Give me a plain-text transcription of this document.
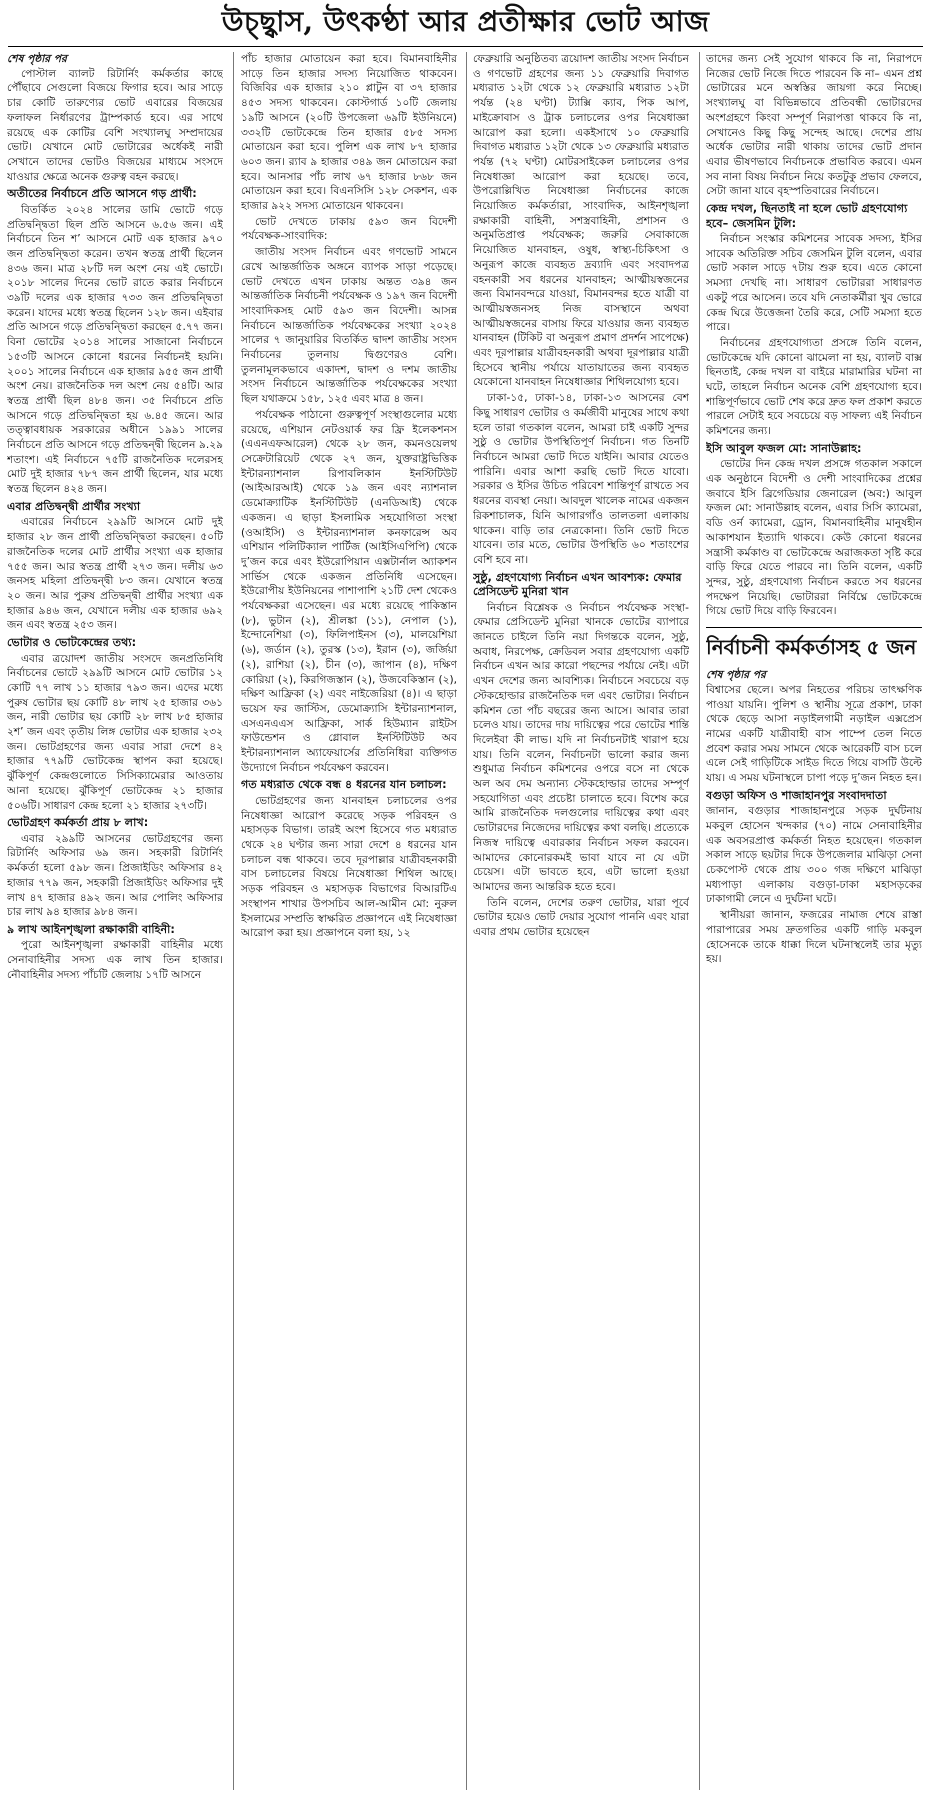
উচ্ছ্বাস, উৎকণ্ঠা আর প্রতীক্ষার ভোট আজ

শেষ পৃষ্ঠার পর

পোস্টাল ব্যালট রিটার্নিং কর্মকর্তার কাছে পৌঁছাবে সেগুলো বিজয়ে ফিগার হবে। আর সাড়ে চার কোটি তারুণ্যের ভোট এবারের বিজয়ের ফলাফল নির্ধারণের ট্রাম্পকার্ড হবে। এর সাথে রয়েছে এক কোটির বেশি সংখ্যালঘু সম্প্রদায়ের ভোট। যেখানে মোট ভোটারের অর্ধেকই নারী সেখানে তাদের ভোটও বিজয়ের মাধ্যমে সংসদে যাওয়ার ক্ষেত্রে অনেক গুরুত্ব বহন করছে।

অতীতের নির্বাচনে প্রতি আসনে গড় প্রার্থী:

বিতর্কিত ২০২৪ সালের ডামি ভোটে গড়ে প্রতিদ্বন্দ্বিতা ছিল প্রতি আসনে ৬.৫৬ জন। এই নির্বাচনে তিন শ’ আসনে মোট এক হাজার ৯৭০ জন প্রতিদ্বন্দ্বিতা করেন। তখন স্বতন্ত্র প্রার্থী ছিলেন ৪৩৬ জন। মাত্র ২৮টি দল অংশ নেয় এই ভোটে। ২০১৮ সালের দিনের ভোট রাতে করার নির্বাচনে ৩৯টি দলের এক হাজার ৭৩৩ জন প্রতিদ্বন্দ্বিতা করেন। যাদের মধ্যে স্বতন্ত্র ছিলেন ১২৮ জন। এইবার প্রতি আসনে গড়ে প্রতিদ্বন্দ্বিতা করছেন ৫.৭৭ জন। বিনা ভোটের ২০১৪ সালের সাজানো নির্বাচনে ১৫৩টি আসনে কোনো ধরনের নির্বাচনই হয়নি। ২০০১ সালের নির্বাচনে এক হাজার ৯৫৫ জন প্রার্থী অংশ নেয়। রাজনৈতিক দল অংশ নেয় ৫৪টি। আর স্বতন্ত্র প্রার্থী ছিল ৪৮৪ জন। ৩৫ নির্বাচনে প্রতি আসনে গড়ে প্রতিদ্বন্দ্বিতা হয় ৬.৪৫ জনে। আর তত্ত্বাবধায়ক সরকারের অধীনে ১৯৯১ সালের নির্বাচনে প্রতি আসনে গড়ে প্রতিদ্বন্দ্বী ছিলেন ৯.২৯ শতাংশ। এই নির্বাচনে ৭৫টি রাজনৈতিক দলেরসহ মোট দুই হাজার ৭৮৭ জন প্রার্থী ছিলেন, যার মধ্যে স্বতন্ত্র ছিলেন ৪২৪ জন।

এবার প্রতিদ্বন্দ্বী প্রার্থীর সংখ্যা

এবারের নির্বাচনে ২৯৯টি আসনে মোট দুই হাজার ২৮ জন প্রার্থী প্রতিদ্বন্দ্বিতা করছেন। ৫০টি রাজনৈতিক দলের মোট প্রার্থীর সংখ্যা এক হাজার ৭৫৫ জন। আর স্বতন্ত্র প্রার্থী ২৭৩ জন। দলীয় ৬৩ জনসহ মহিলা প্রতিদ্বন্দ্বী ৮৩ জন। যেখানে স্বতন্ত্র ২০ জন। আর পুরুষ প্রতিদ্বন্দ্বী প্রার্থীর সংখ্যা এক হাজার ৯৪৬ জন, যেখানে দলীয় এক হাজার ৬৯২ জন এবং স্বতন্ত্র ২৫৩ জন।

ভোটার ও ভোটকেন্দ্রের তথ্য:

এবার ত্রয়োদশ জাতীয় সংসদে জনপ্রতিনিধি নির্বাচনের ভোটে ২৯৯টি আসনে মোট ভোটার ১২ কোটি ৭৭ লাখ ১১ হাজার ৭৯৩ জন। এদের মধ্যে পুরুষ ভোটার ছয় কোটি ৪৮ লাখ ২৫ হাজার ৩৬১ জন, নারী ভোটার ছয় কোটি ২৮ লাখ ৮৫ হাজার ২শ’ জন এবং তৃতীয় লিঙ্গ ভোটার এক হাজার ২৩২ জন। ভোটগ্রহণের জন্য এবার সারা দেশে ৪২ হাজার ৭৭৯টি ভোটকেন্দ্র স্থাপন করা হয়েছে। ঝুঁকিপূর্ণ কেন্দ্রগুলোতে সিসিক্যামেরার আওতায় আনা হয়েছে। ঝুঁকিপূর্ণ ভোটকেন্দ্র ২১ হাজার ৫০৬টি। সাধারণ কেন্দ্র হলো ২১ হাজার ২৭৩টি।

ভোটগ্রহণ কর্মকর্তা প্রায় ৮ লাখ:

এবার ২৯৯টি আসনের ভোটগ্রহণের জন্য রিটার্নিং অফিসার ৬৯ জন। সহকারী রিটার্নিং কর্মকর্তা হলো ৫৯৮ জন। প্রিজাইডিং অফিসার ৪২ হাজার ৭৭৯ জন, সহকারী প্রিজাইডিং অফিসার দুই লাখ ৪৭ হাজার ৪৯২ জন। আর পোলিং অফিসার চার লাখ ৯৪ হাজার ৯৮৪ জন।

৯ লাখ আইনশৃঙ্খলা রক্ষাকারী বাহিনী:

পুরো আইনশৃঙ্খলা রক্ষাকারী বাহিনীর মধ্যে সেনাবাহিনীর সদস্য এক লাখ তিন হাজার। নৌবাহিনীর সদস্য পাঁচটি জেলায় ১৭টি আসনে

পাঁচ হাজার মোতায়েন করা হবে। বিমানবাহিনীর সাড়ে তিন হাজার সদস্য নিয়োজিত থাকবেন। বিজিবির এক হাজার ২১০ প্লাটুন বা ৩৭ হাজার ৪৫৩ সদস্য থাকবেন। কোস্টগার্ড ১০টি জেলায় ১৯টি আসনে (২০টি উপজেলা ৬৯টি ইউনিয়নে) ৩৩২টি ভোটকেন্দ্রে তিন হাজার ৫৮৫ সদস্য মোতায়েন করা হবে। পুলিশ এক লাখ ৮৭ হাজার ৬০৩ জন। র‌্যাব ৯ হাজার ৩৪৯ জন মোতায়েন করা হবে। আনসার পাঁচ লাখ ৬৭ হাজার ৮৬৮ জন মোতায়েন করা হবে। বিএনসিসি ১২৮ সেকশন, এক হাজার ৯২২ সদস্য মোতায়েন থাকবেন।

ভোট দেখতে ঢাকায় ৫৯৩ জন বিদেশী পর্যবেক্ষক-সাংবাদিক:

জাতীয় সংসদ নির্বাচন এবং গণভোট সামনে রেখে আন্তর্জাতিক অঙ্গনে ব্যাপক সাড়া পড়েছে। ভোট দেখতে এখন ঢাকায় অন্তত ৩৯৪ জন আন্তর্জাতিক নির্বাচনী পর্যবেক্ষক ও ১৯৭ জন বিদেশী সাংবাদিকসহ মোট ৫৯৩ জন বিদেশী। আসন্ন নির্বাচনে আন্তর্জাতিক পর্যবেক্ষকের সংখ্যা ২০২৪ সালের ৭ জানুয়ারির বিতর্কিত দ্বাদশ জাতীয় সংসদ নির্বাচনের তুলনায় দ্বিগুণেরও বেশি। তুলনামূলকভাবে একাদশ, দ্বাদশ ও দশম জাতীয় সংসদ নির্বাচনে আন্তর্জাতিক পর্যবেক্ষকের সংখ্যা ছিল যথাক্রমে ১৫৮, ১২৫ এবং মাত্র ৪ জন।

পর্যবেক্ষক পাঠানো গুরুত্বপূর্ণ সংস্থাগুলোর মধ্যে রয়েছে, এশিয়ান নেটওয়ার্ক ফর ফ্রি ইলেকশনস (এএনএফআরেল) থেকে ২৮ জন, কমনওয়েলথ সেক্রেটারিয়েট থেকে ২৭ জন, যুক্তরাষ্ট্রভিত্তিক ইন্টারন্যাশনাল রিপাবলিকান ইনস্টিটিউট (আইআরআই) থেকে ১৯ জন এবং ন্যাশনাল ডেমোক্র্যাটিক ইনস্টিটিউট (এনডিআই) থেকে একজন। এ ছাড়া ইসলামিক সহযোগিতা সংস্থা (ওআইসি) ও ইন্টারন্যাশনাল কনফারেন্স অব এশিয়ান পলিটিক্যাল পার্টিজ (আইসিএপিপি) থেকে দু’জন করে এবং ইউরোপিয়ান এক্সটার্নাল অ্যাকশন সার্ভিস থেকে একজন প্রতিনিধি এসেছেন। ইউরোপীয় ইউনিয়নের পাশাপাশি ২১টি দেশ থেকেও পর্যবেক্ষকরা এসেছেন। এর মধ্যে রয়েছে পাকিস্তান (৮), ভুটান (২), শ্রীলঙ্কা (১১), নেপাল (১), ইন্দোনেশিয়া (৩), ফিলিপাইনস (৩), মালয়েশিয়া (৬), জর্ডান (২), তুরস্ক (১৩), ইরান (৩), জর্জিয়া (২), রাশিয়া (২), চীন (৩), জাপান (৪), দক্ষিণ কোরিয়া (২), কিরগিজস্তান (২), উজবেকিস্তান (২), দক্ষিণ আফ্রিকা (২) এবং নাইজেরিয়া (৪)। এ ছাড়া ভয়েস ফর জাস্টিস, ডেমোক্র্যাসি ইন্টারন্যাশনাল, এসএনএএস আফ্রিকা, সার্ক হিউম্যান রাইটস ফাউন্ডেশন ও গ্লোবাল ইনস্টিটিউট অব ইন্টারন্যাশনাল অ্যাফেয়ার্সের প্রতিনিধিরা ব্যক্তিগত উদ্যোগে নির্বাচন পর্যবেক্ষণ করবেন।

গত মধ্যরাত থেকে বন্ধ ৪ ধরনের যান চলাচল:

ভোটগ্রহণের জন্য যানবাহন চলাচলের ওপর নিষেধাজ্ঞা আরোপ করেছে সড়ক পরিবহন ও মহাসড়ক বিভাগ। তারই অংশ হিসেবে গত মধ্যরাত থেকে ২৪ ঘণ্টার জন্য সারা দেশে ৪ ধরনের যান চলাচল বন্ধ থাকবে। তবে দূরপাল্লার যাত্রীবহনকারী বাস চলাচলের বিষয়ে নিষেধাজ্ঞা শিথিল আছে। সড়ক পরিবহন ও মহাসড়ক বিভাগের বিআরটিএ সংস্থাপন শাখার উপসচিব আল-আমীন মো: নুরুল ইসলামের সম্প্রতি স্বাক্ষরিত প্রজ্ঞাপনে এই নিষেধাজ্ঞা আরোপ করা হয়। প্রজ্ঞাপনে বলা হয়, ১২

ফেব্রুয়ারি অনুষ্ঠিতব্য ত্রয়োদশ জাতীয় সংসদ নির্বাচন ও গণভোট গ্রহণের জন্য ১১ ফেব্রুয়ারি দিবাগত মধ্যরাত ১২টা থেকে ১২ ফেব্রুয়ারি মধ্যরাত ১২টা পর্যন্ত (২৪ ঘণ্টা) ট্যাক্সি ক্যাব, পিক আপ, মাইক্রোবাস ও ট্রাক চলাচলের ওপর নিষেধাজ্ঞা আরোপ করা হলো। একইসাথে ১০ ফেব্রুয়ারি দিবাগত মধ্যরাত ১২টা থেকে ১৩ ফেব্রুয়ারি মধ্যরাত পর্যন্ত (৭২ ঘণ্টা) মোটরসাইকেল চলাচলের ওপর নিষেধাজ্ঞা আরোপ করা হয়েছে। তবে, উপরোল্লিখিত নিষেধাজ্ঞা নির্বাচনের কাজে নিয়োজিত কর্মকর্তারা, সাংবাদিক, আইনশৃঙ্খলা রক্ষাকারী বাহিনী, সশস্ত্রবাহিনী, প্রশাসন ও অনুমতিপ্রাপ্ত পর্যবেক্ষক; জরুরি সেবাকাজে নিয়োজিত যানবাহন, ওষুধ, স্বাস্থ্য-চিকিৎসা ও অনুরূপ কাজে ব্যবহৃত দ্রব্যাদি এবং সংবাদপত্র বহনকারী সব ধরনের যানবাহন; আত্মীয়স্বজনের জন্য বিমানবন্দরে যাওয়া, বিমানবন্দর হতে যাত্রী বা আত্মীয়স্বজনসহ নিজ বাসস্থানে অথবা আত্মীয়স্বজনের বাসায় ফিরে যাওয়ার জন্য ব্যবহৃত যানবাহন (টিকিট বা অনুরূপ প্রমাণ প্রদর্শন সাপেক্ষে) এবং দূরপাল্লার যাত্রীবহনকারী অথবা দূরপাল্লার যাত্রী হিসেবে স্থানীয় পর্যায়ে যাতায়াতের জন্য ব্যবহৃত যেকোনো যানবাহন নিষেধাজ্ঞার শিথিলযোগ্য হবে।

ঢাকা-১৫, ঢাকা-১৪, ঢাকা-১৩ আসনের বেশ কিছু সাধারণ ভোটার ও কর্মজীবী মানুষের সাথে কথা হলে তারা গতকাল বলেন, আমরা চাই একটি সুন্দর সুষ্ঠু ও ভোটার উপস্থিতিপূর্ণ নির্বাচন। গত তিনটি নির্বাচনে আমরা ভোট দিতে যাইনি। আবার যেতেও পারিনি। এবার আশা করছি ভোট দিতে যাবো। সরকার ও ইসির উচিত পরিবেশ শান্তিপূর্ণ রাখতে সব ধরনের ব্যবস্থা নেয়া। আবদুল খালেক নামের একজন রিকশাচালক, যিনি আগারগাঁও তালতলা এলাকায় থাকেন। বাড়ি তার নেত্রকোনা। তিনি ভোট দিতে যাবেন। তার মতে, ভোটার উপস্থিতি ৬০ শতাংশের বেশি হবে না।

সুষ্ঠু, গ্রহণযোগ্য নির্বাচন এখন আবশ্যক: ফেমার প্রেসিডেন্ট মুনিরা খান

নির্বাচন বিশ্লেষক ও নির্বাচন পর্যবেক্ষক সংস্থা-ফেমার প্রেসিডেন্ট মুনিরা খানকে ভোটের ব্যাপারে জানতে চাইলে তিনি নয়া দিগন্তকে বলেন, সুষ্ঠু, অবাধ, নিরপেক্ষ, ক্রেডিবল সবার গ্রহণযোগ্য একটি নির্বাচন এখন আর কারো পছন্দের পর্যায়ে নেই। এটা এখন দেশের জন্য আবশ্যিক। নির্বাচনে সবচেয়ে বড় স্টেকহোল্ডার রাজনৈতিক দল এবং ভোটার। নির্বাচন কমিশন তো পাঁচ বছরের জন্য আসে। আবার তারা চলেও যায়। তাদের দায় দায়িত্বের পরে ভোটের শান্তি দিলেইবা কী লাভ। যদি না নির্বাচনটাই খারাপ হয়ে যায়। তিনি বলেন, নির্বাচনটা ভালো করার জন্য শুধুমাত্র নির্বাচন কমিশনের ওপরে বসে না থেকে অল অব দেম অন্যান্য স্টেকহোল্ডার তাদের সম্পূর্ণ সহযোগিতা এবং প্রচেষ্টা চালাতে হবে। বিশেষ করে আমি রাজনৈতিক দলগুলোর দায়িত্বের কথা এবং ভোটারদের নিজেদের দায়িত্বের কথা বলছি। প্রত্যেকে নিজস্ব দায়িত্বে এবারকার নির্বাচন সফল করবেন। আমাদের কোনোরকমই ভাবা যাবে না যে এটা চেয়েস। এটা ভাবতে হবে, এটা ভালো হওয়া আমাদের জন্য আন্তরিক হতে হবে।

তিনি বলেন, দেশের তরুণ ভোটার, যারা পূর্বে ভোটার হয়েও ভোট দেয়ার সুযোগ পাননি এবং যারা এবার প্রথম ভোটার হয়েছেন

তাদের জন্য সেই সুযোগ থাকবে কি না, নিরাপদে নিজের ভোট নিজে দিতে পারবেন কি না– এমন প্রশ্ন ভোটারের মনে অস্বস্তির জায়গা করে নিচ্ছে। সংখ্যালঘু বা বিভিন্নভাবে প্রতিবন্ধী ভোটারদের অংশগ্রহণে কিংবা সম্পূর্ণ নিরাপত্তা থাকবে কি না, সেখানেও কিছু কিছু সন্দেহ আছে। দেশের প্রায় অর্ধেক ভোটার নারী থাকায় তাদের ভোট প্রদান এবার ভীষণভাবে নির্বাচনকে প্রভাবিত করবে। এমন সব নানা বিষয় নির্বাচন নিয়ে কতটুকু প্রভাব ফেলবে, সেটা জানা যাবে বৃহস্পতিবারের নির্বাচনে।

কেন্দ্র দখল, ছিনতাই না হলে ভোট গ্রহণযোগ্য হবে– জেসমিন টুলি:

নির্বাচন সংস্কার কমিশনের সাবেক সদস্য, ইসির সাবেক অতিরিক্ত সচিব জেসমিন টুলি বলেন, এবার ভোট সকাল সাড়ে ৭টায় শুরু হবে। এতে কোনো সমস্যা দেখছি না। সাধারণ ভোটাররা সাধারণত একটু পরে আসেন। তবে যদি নেতাকর্মীরা খুব ভোরে কেন্দ্র ঘিরে উত্তেজনা তৈরি করে, সেটি সমস্যা হতে পারে।

নির্বাচনের গ্রহণযোগ্যতা প্রসঙ্গে তিনি বলেন, ভোটকেন্দ্রে যদি কোনো ঝামেলা না হয়, ব্যালট বাক্স ছিনতাই, কেন্দ্র দখল বা বাইরে মারামারির ঘটনা না ঘটে, তাহলে নির্বাচন অনেক বেশি গ্রহণযোগ্য হবে। শান্তিপূর্ণভাবে ভোট শেষ করে দ্রুত ফল প্রকাশ করতে পারলে সেটাই হবে সবচেয়ে বড় সাফল্য এই নির্বাচন কমিশনের জন্য।

ইসি আবুল ফজল মো: সানাউল্লাহ:

ভোটের দিন কেন্দ্র দখল প্রসঙ্গে গতকাল সকালে এক অনুষ্ঠানে বিদেশী ও দেশী সাংবাদিকের প্রশ্নের জবাবে ইসি ব্রিগেডিয়ার জেনারেল (অব:) আবুল ফজল মো: সানাউল্লাহ বলেন, এবার সিসি ক্যামেরা, বডি ওর্ন ক্যামেরা, ড্রোন, বিমানবাহিনীর মানুষহীন আকাশযান ইত্যাদি থাকবে। কেউ কোনো ধরনের সন্ত্রাসী কর্মকাণ্ড বা ভোটকেন্দ্রে অরাজকতা সৃষ্টি করে বাড়ি ফিরে যেতে পারবে না। তিনি বলেন, একটি সুন্দর, সুষ্ঠু, গ্রহণযোগ্য নির্বাচন করতে সব ধরনের পদক্ষেপ নিয়েছি। ভোটাররা নির্বিঘ্নে ভোটকেন্দ্রে গিয়ে ভোট দিয়ে বাড়ি ফিরবেন।

নির্বাচনী কর্মকর্তাসহ ৫ জন

শেষ পৃষ্ঠার পর

বিশ্বাসের ছেলে। অপর নিহতের পরিচয় তাৎক্ষণিক পাওয়া যায়নি। পুলিশ ও স্থানীয় সূত্রে প্রকাশ, ঢাকা থেকে ছেড়ে আসা নড়াইলগামী নড়াইল এক্সপ্রেস নামের একটি যাত্রীবাহী বাস পাম্পে তেল নিতে প্রবেশ করার সময় সামনে থেকে আরেকটি বাস চলে এলে সেই গাড়িটিকে সাইড দিতে গিয়ে বাসটি উল্টে যায়। এ সময় ঘটনাস্থলে চাপা পড়ে দু’জন নিহত হন।

বগুড়া অফিস ও শাজাহানপুর সংবাদদাতা

জানান, বগুড়ার শাজাহানপুরে সড়ক দুর্ঘটনায় মকবুল হোসেন খন্দকার (৭০) নামে সেনাবাহিনীর এক অবসরপ্রাপ্ত কর্মকর্তা নিহত হয়েছেন। গতকাল সকাল সাড়ে ছয়টার দিকে উপজেলার মাঝিড়া সেনা চেকপোস্ট থেকে প্রায় ৩০০ গজ দক্ষিণে মাঝিড়া মধ্যপাড়া এলাকায় বগুড়া-ঢাকা মহাসড়কের ঢাকাগামী লেনে এ দুর্ঘটনা ঘটে।

স্থানীয়রা জানান, ফজরের নামাজ শেষে রাস্তা পারাপারের সময় দ্রুতগতির একটি গাড়ি মকবুল হোসেনকে তাকে ধাক্কা দিলে ঘটনাস্থলেই তার মৃত্যু হয়।
